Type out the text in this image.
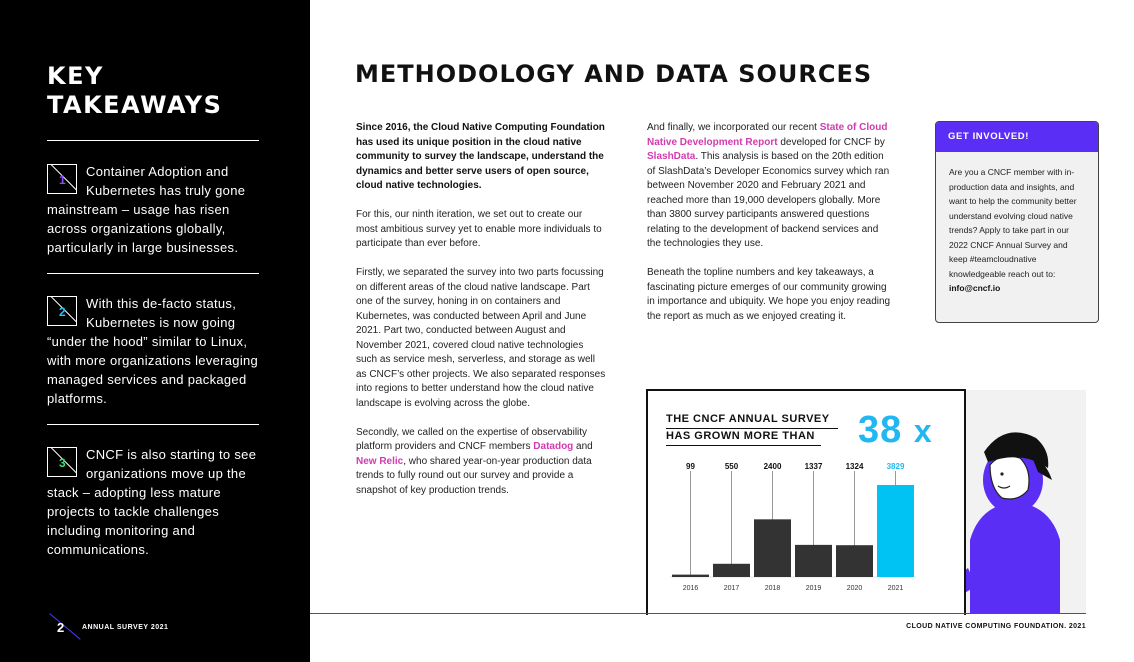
KEY
TAKEAWAYS
1
Container Adoption and Kubernetes has truly gone mainstream – usage has risen across organizations globally, particularly in large businesses.
2
With this de-facto status, Kubernetes is now going “under the hood” similar to Linux, with more organizations leveraging managed services and packaged platforms.
3
CNCF is also starting to see organizations move up the stack – adopting less mature projects to tackle challenges including monitoring and communications.
2	ANNUAL SURVEY 2021
METHODOLOGY AND DATA SOURCES

Since 2016, the Cloud Native Computing Foundation has used its unique position in the cloud native community to survey the landscape, understand the dynamics and better serve users of open source, cloud native technologies.

For this, our ninth iteration, we set out to create our most ambitious survey yet to enable more individuals to participate than ever before.

Firstly, we separated the survey into two parts focussing on different areas of the cloud native landscape. Part one of the survey, honing in on containers and Kubernetes, was conducted between April and June 2021. Part two, conducted between August and November 2021, covered cloud native technologies such as service mesh, serverless, and storage as well as CNCF’s other projects. We also separated responses into regions to better understand how the cloud native landscape is evolving across the globe.

Secondly, we called on the expertise of observability platform providers and CNCF members Datadog and New Relic, who shared year-on-year production data trends to fully round out our survey and provide a snapshot of key production trends.

And finally, we incorporated our recent State of Cloud Native Development Report developed for CNCF by SlashData. This analysis is based on the 20th edition of SlashData’s Developer Economics survey which ran between November 2020 and February 2021 and reached more than 19,000 developers globally. More than 3800 survey participants answered questions relating to the development of backend services and the technologies they use.

Beneath the topline numbers and key takeaways, a fascinating picture emerges of our community growing in importance and ubiquity. We hope you enjoy reading the report as much as we enjoyed creating it.

GET INVOLVED!
Are you a CNCF member with in-production data and insights, and want to help the community better understand evolving cloud native trends? Apply to take part in our 2022 CNCF Annual Survey and keep #teamcloudnative knowledgeable reach out to:
info@cncf.io
THE CNCF ANNUAL SURVEY
HAS GROWN MORE THAN 38 x
99
2016
550
2017
2400
2018
1337
2019
1324
2020
3829
2021
CLOUD NATIVE COMPUTING FOUNDATION. 2021
